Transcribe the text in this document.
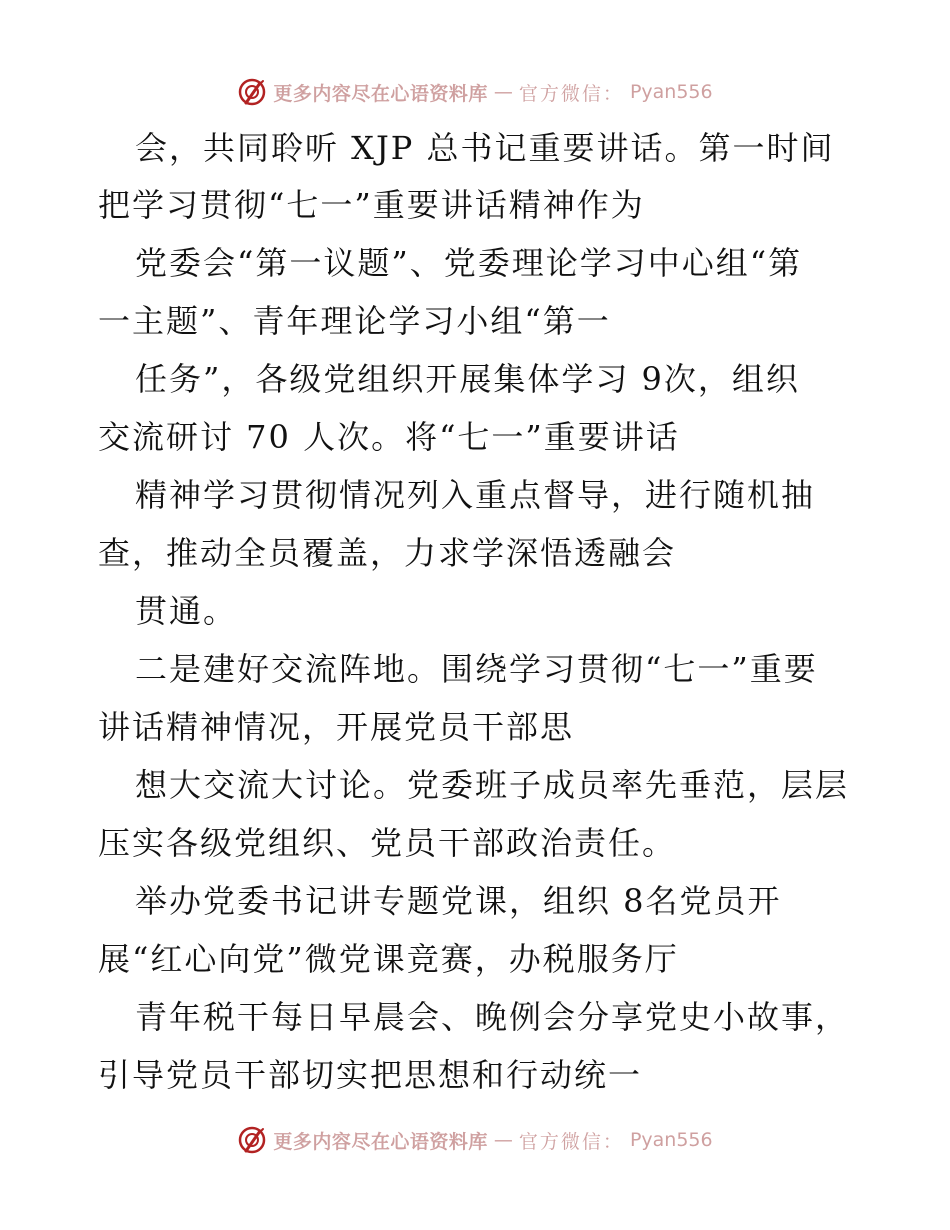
更多内容尽在心语资料库 — 官方微信： Pyan556
会，共同聆听 XJP 总书记重要讲话。第一时间
把学习贯彻“七一”重要讲话精神作为
党委会“第一议题”、党委理论学习中心组“第
一主题”、青年理论学习小组“第一
任务”，各级党组织开展集体学习 9次，组织
交流研讨 70 人次。将“七一”重要讲话
精神学习贯彻情况列入重点督导，进行随机抽
查，推动全员覆盖，力求学深悟透融会
贯通。
二是建好交流阵地。围绕学习贯彻“七一”重要
讲话精神情况，开展党员干部思
想大交流大讨论。党委班子成员率先垂范，层层
压实各级党组织、党员干部政治责任。
举办党委书记讲专题党课，组织 8名党员开
展“红心向党”微党课竞赛，办税服务厅
青年税干每日早晨会、晚例会分享党史小故事，
引导党员干部切实把思想和行动统一
更多内容尽在心语资料库 — 官方微信： Pyan556
